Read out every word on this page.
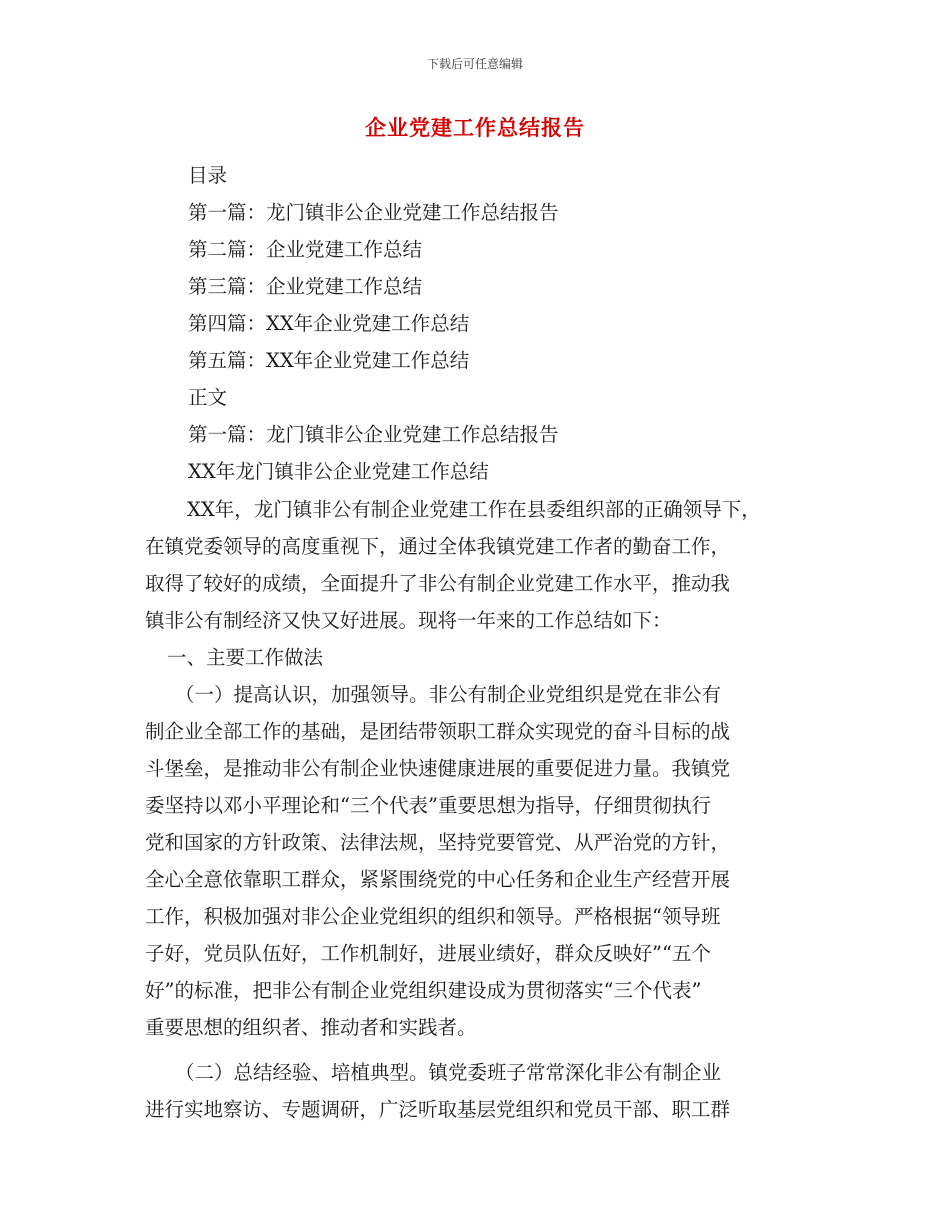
下载后可任意编辑
企业党建工作总结报告
目录
第一篇：龙门镇非公企业党建工作总结报告
第二篇：企业党建工作总结
第三篇：企业党建工作总结
第四篇：XX年企业党建工作总结
第五篇：XX年企业党建工作总结
正文
第一篇：龙门镇非公企业党建工作总结报告
XX年龙门镇非公企业党建工作总结
XX年，龙门镇非公有制企业党建工作在县委组织部的正确领导下，
在镇党委领导的高度重视下，通过全体我镇党建工作者的勤奋工作，
取得了较好的成绩，全面提升了非公有制企业党建工作水平，推动我
镇非公有制经济又快又好进展。现将一年来的工作总结如下：
一、主要工作做法
（一）提高认识，加强领导。非公有制企业党组织是党在非公有
制企业全部工作的基础，是团结带领职工群众实现党的奋斗目标的战
斗堡垒，是推动非公有制企业快速健康进展的重要促进力量。我镇党
委坚持以邓小平理论和“三个代表”重要思想为指导，仔细贯彻执行
党和国家的方针政策、法律法规，坚持党要管党、从严治党的方针，
全心全意依靠职工群众，紧紧围绕党的中心任务和企业生产经营开展
工作，积极加强对非公企业党组织的组织和领导。严格根据“领导班
子好，党员队伍好，工作机制好，进展业绩好，群众反映好”“五个
好”的标准，把非公有制企业党组织建设成为贯彻落实“三个代表”
重要思想的组织者、推动者和实践者。
（二）总结经验、培植典型。镇党委班子常常深化非公有制企业
进行实地察访、专题调研，广泛听取基层党组织和党员干部、职工群
